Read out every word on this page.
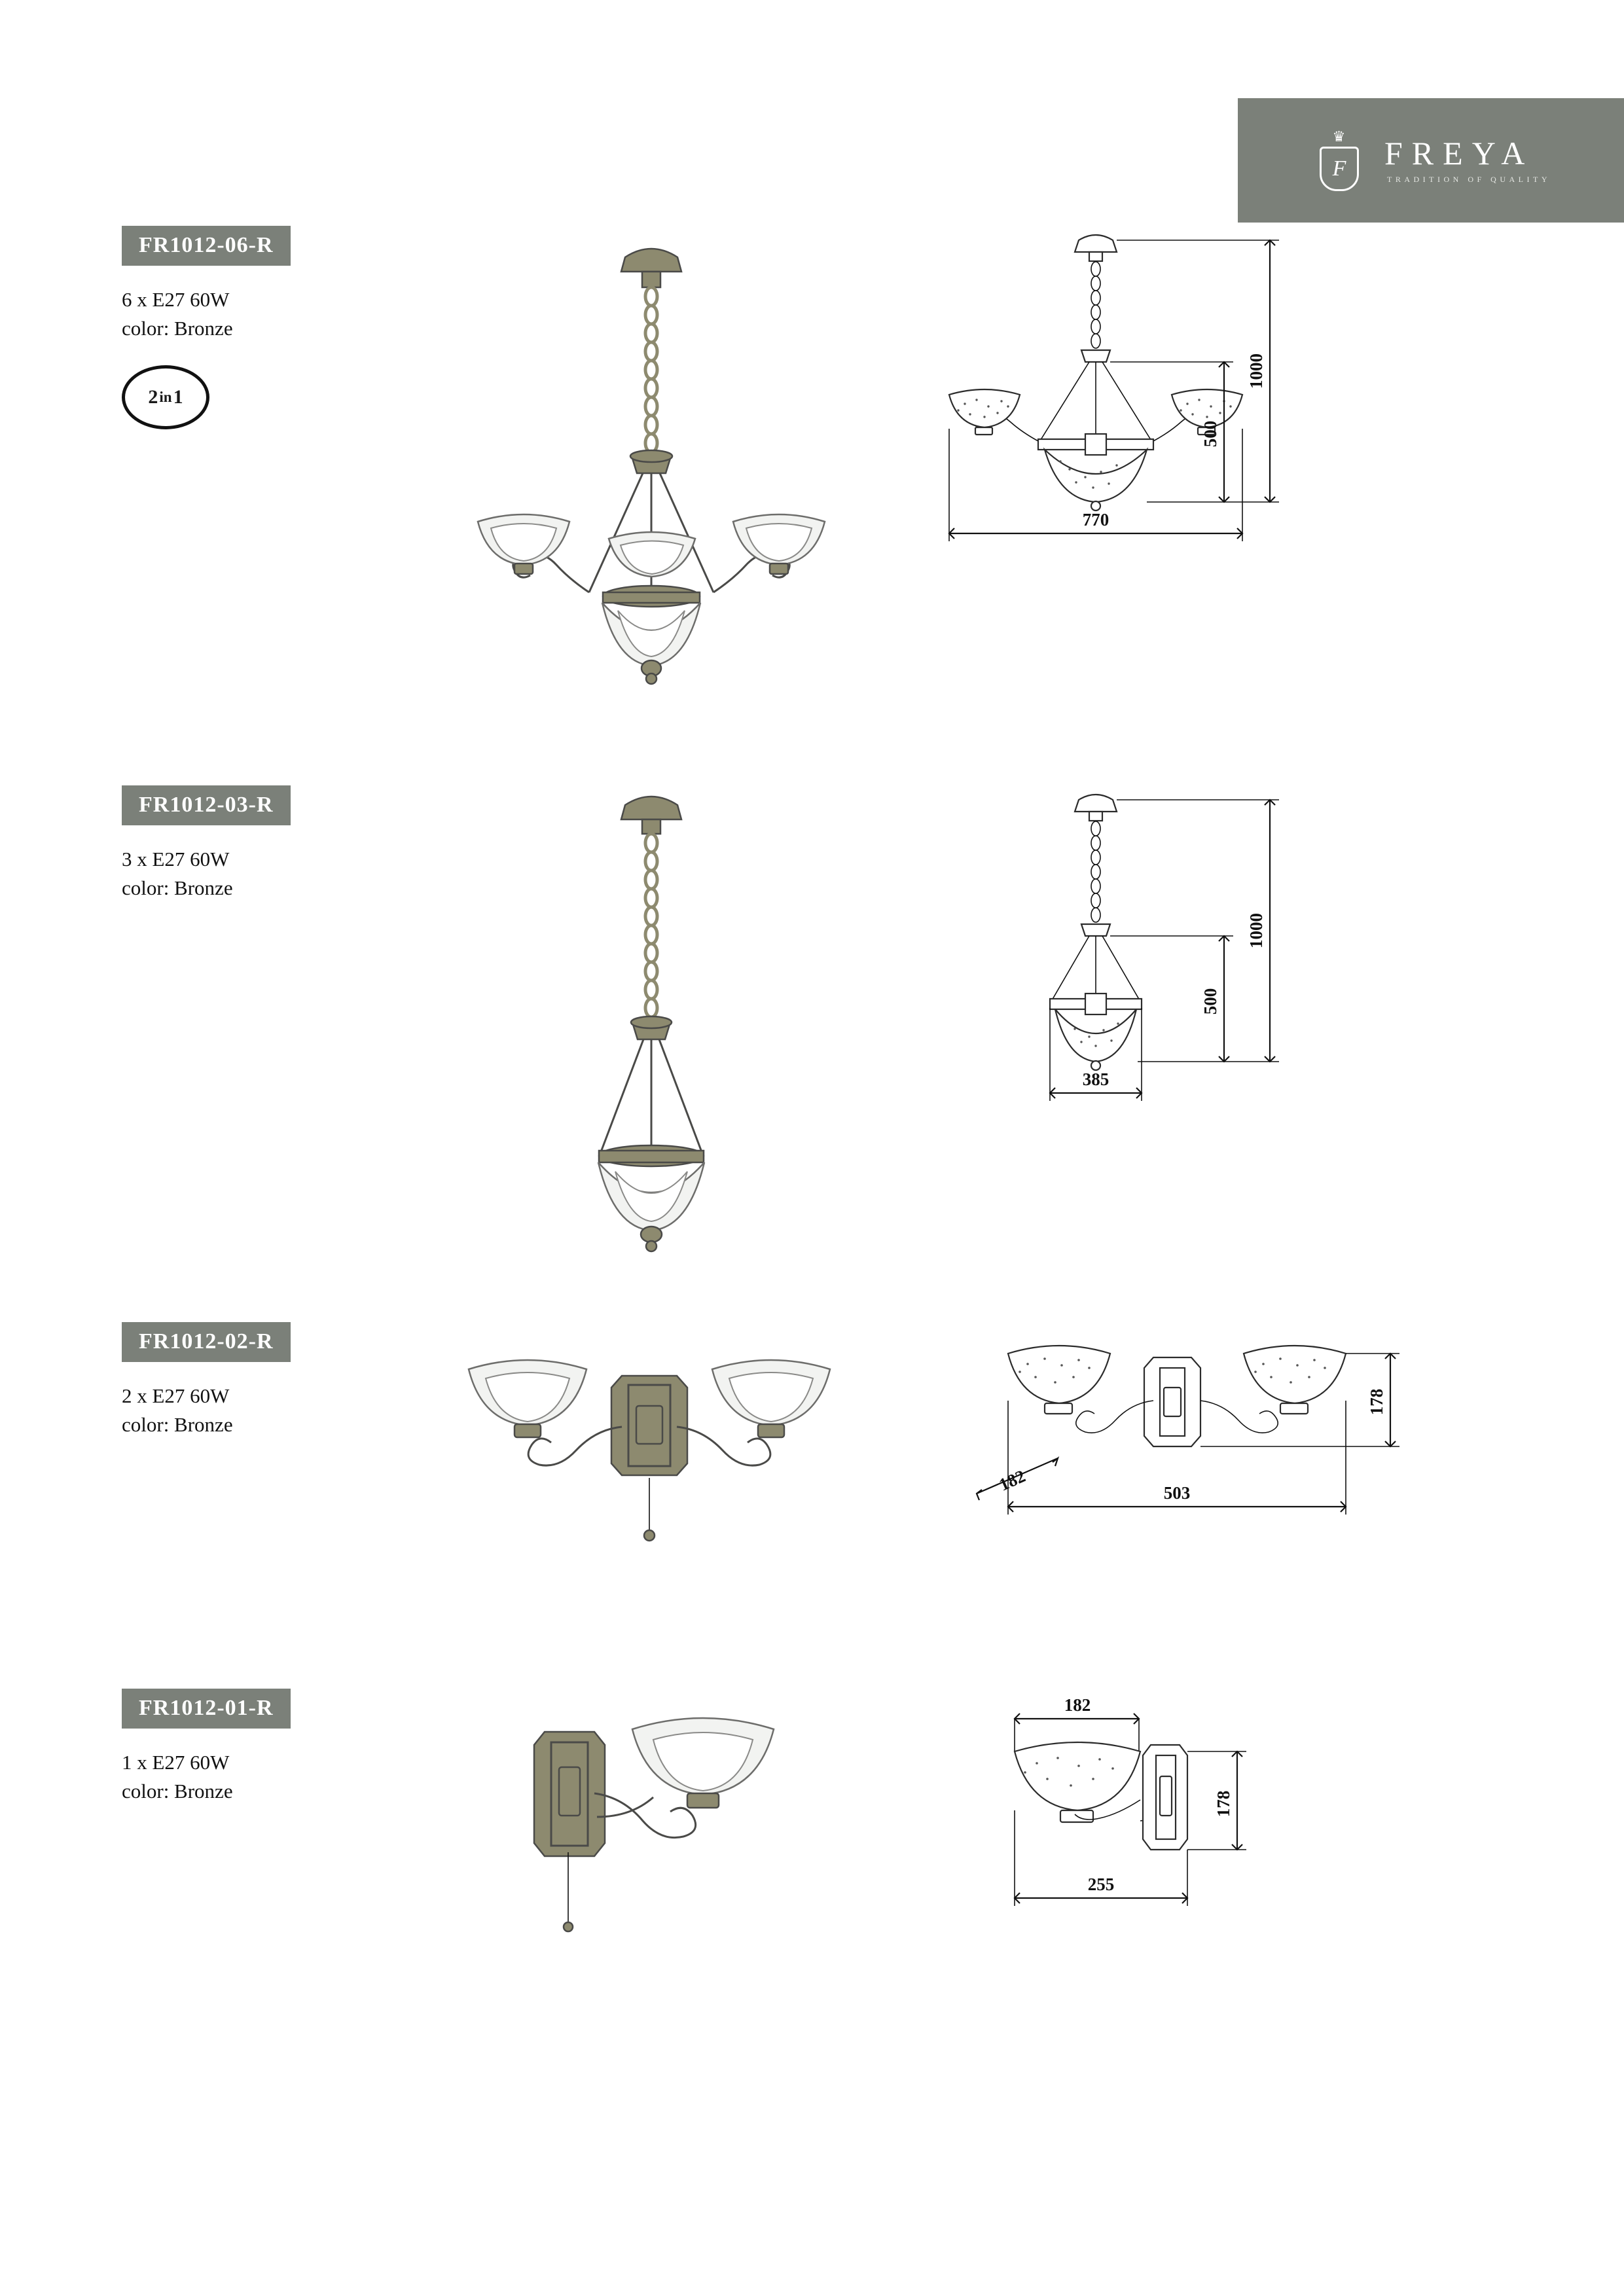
♛
F FREYA
TRADITION OF QUALITY
FR1012-06-R
6 x E27 60W
color: Bronze
2 in 1
1000
500
770
FR1012-03-R
3 x E27 60W
color: Bronze
1000
500
385
FR1012-02-R
2 x E27 60W
color: Bronze
178
182	503
FR1012-01-R
1 x E27 60W
color: Bronze
182
178
255
